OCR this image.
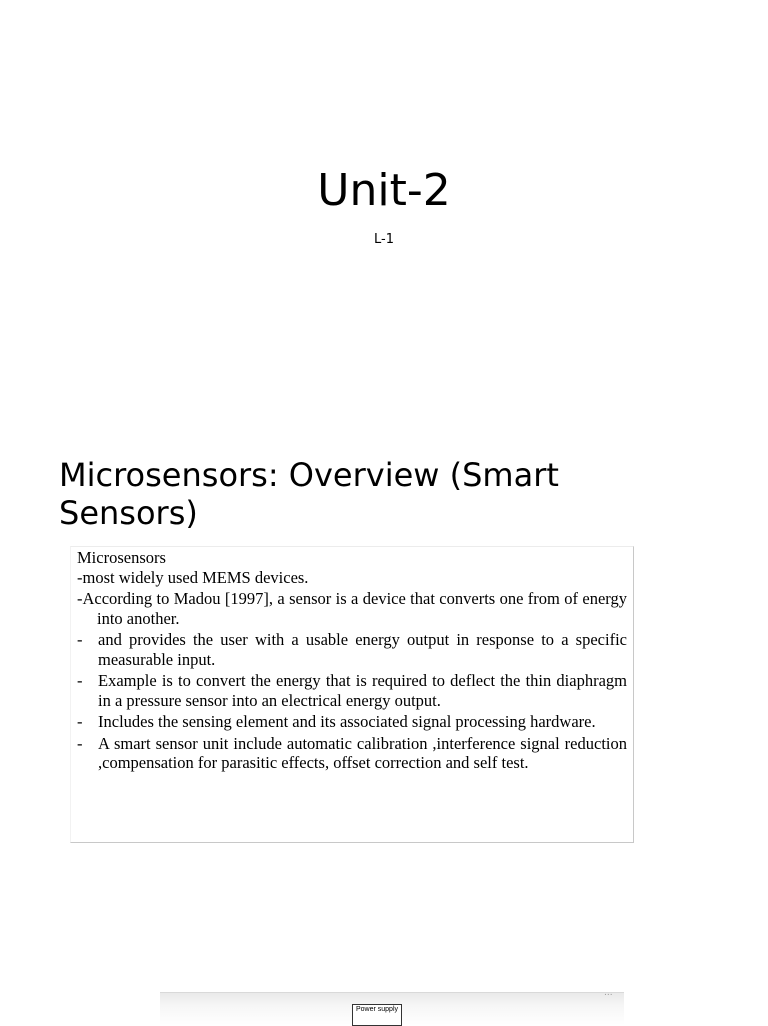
Unit-2
L-1
Microsensors: Overview (Smart Sensors)
Microsensors
-most widely used MEMS devices.
-According to Madou [1997], a sensor is a device that converts one from of energy into another.
- and provides the user with a usable energy output in response to a specific measurable input.
- Example is to convert the energy that is required to deflect the thin diaphragm in a pressure sensor into an electrical energy output.
- Includes the sensing element and its associated signal processing hardware.
- A smart sensor unit include automatic calibration ,interference signal reduction ,compensation for parasitic effects, offset correction and self test.
Power supply
...
